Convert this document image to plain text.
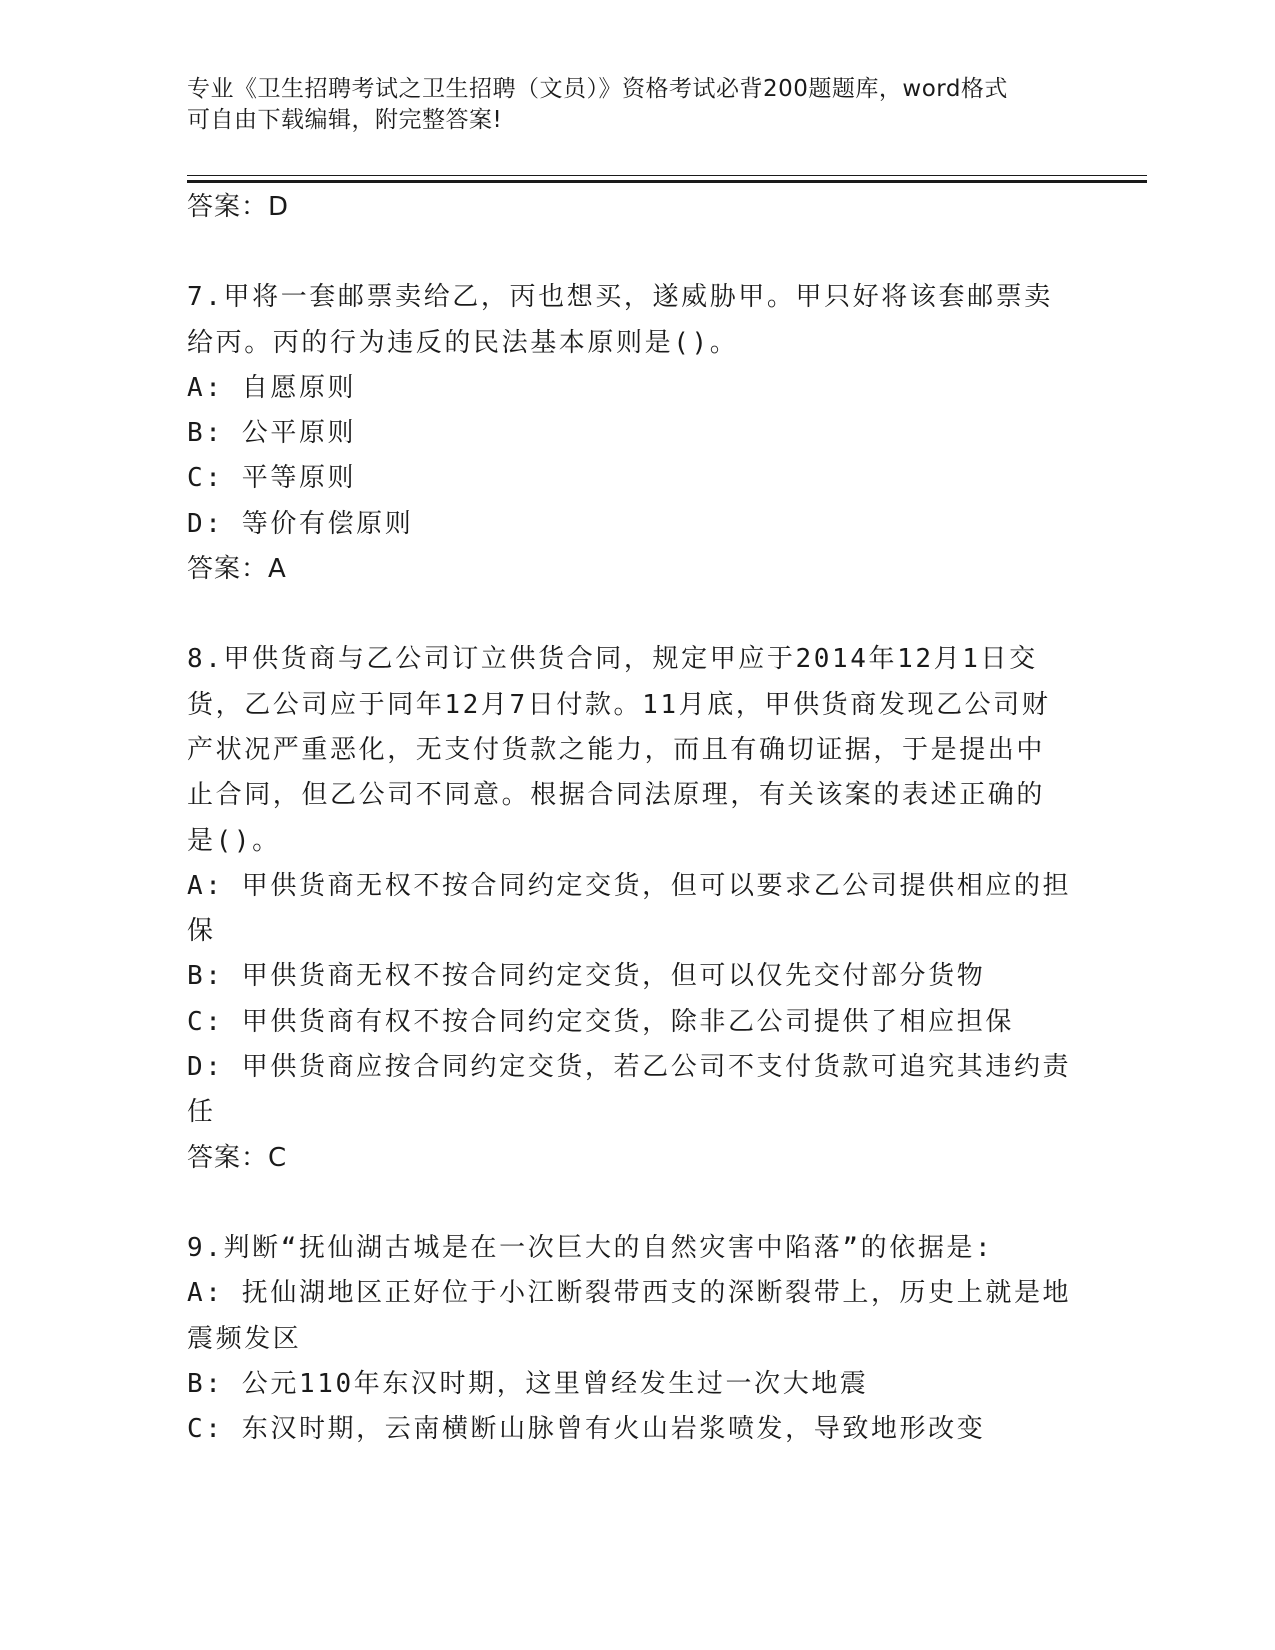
专业《卫生招聘考试之卫生招聘（文员）》资格考试必背200题题库，word格式
可自由下载编辑，附完整答案!
答案：D
7.甲将一套邮票卖给乙，丙也想买，遂威胁甲。甲只好将该套邮票卖
给丙。丙的行为违反的民法基本原则是()。
A: 自愿原则
B: 公平原则
C: 平等原则
D: 等价有偿原则
答案：A
8.甲供货商与乙公司订立供货合同，规定甲应于2014年12月1日交
货，乙公司应于同年12月7日付款。11月底，甲供货商发现乙公司财
产状况严重恶化，无支付货款之能力，而且有确切证据，于是提出中
止合同，但乙公司不同意。根据合同法原理，有关该案的表述正确的
是()。
A: 甲供货商无权不按合同约定交货，但可以要求乙公司提供相应的担
保
B: 甲供货商无权不按合同约定交货，但可以仅先交付部分货物
C: 甲供货商有权不按合同约定交货，除非乙公司提供了相应担保
D: 甲供货商应按合同约定交货，若乙公司不支付货款可追究其违约责
任
答案：C
9.判断“抚仙湖古城是在一次巨大的自然灾害中陷落”的依据是:
A: 抚仙湖地区正好位于小江断裂带西支的深断裂带上，历史上就是地
震频发区
B: 公元110年东汉时期，这里曾经发生过一次大地震
C: 东汉时期，云南横断山脉曾有火山岩浆喷发，导致地形改变
